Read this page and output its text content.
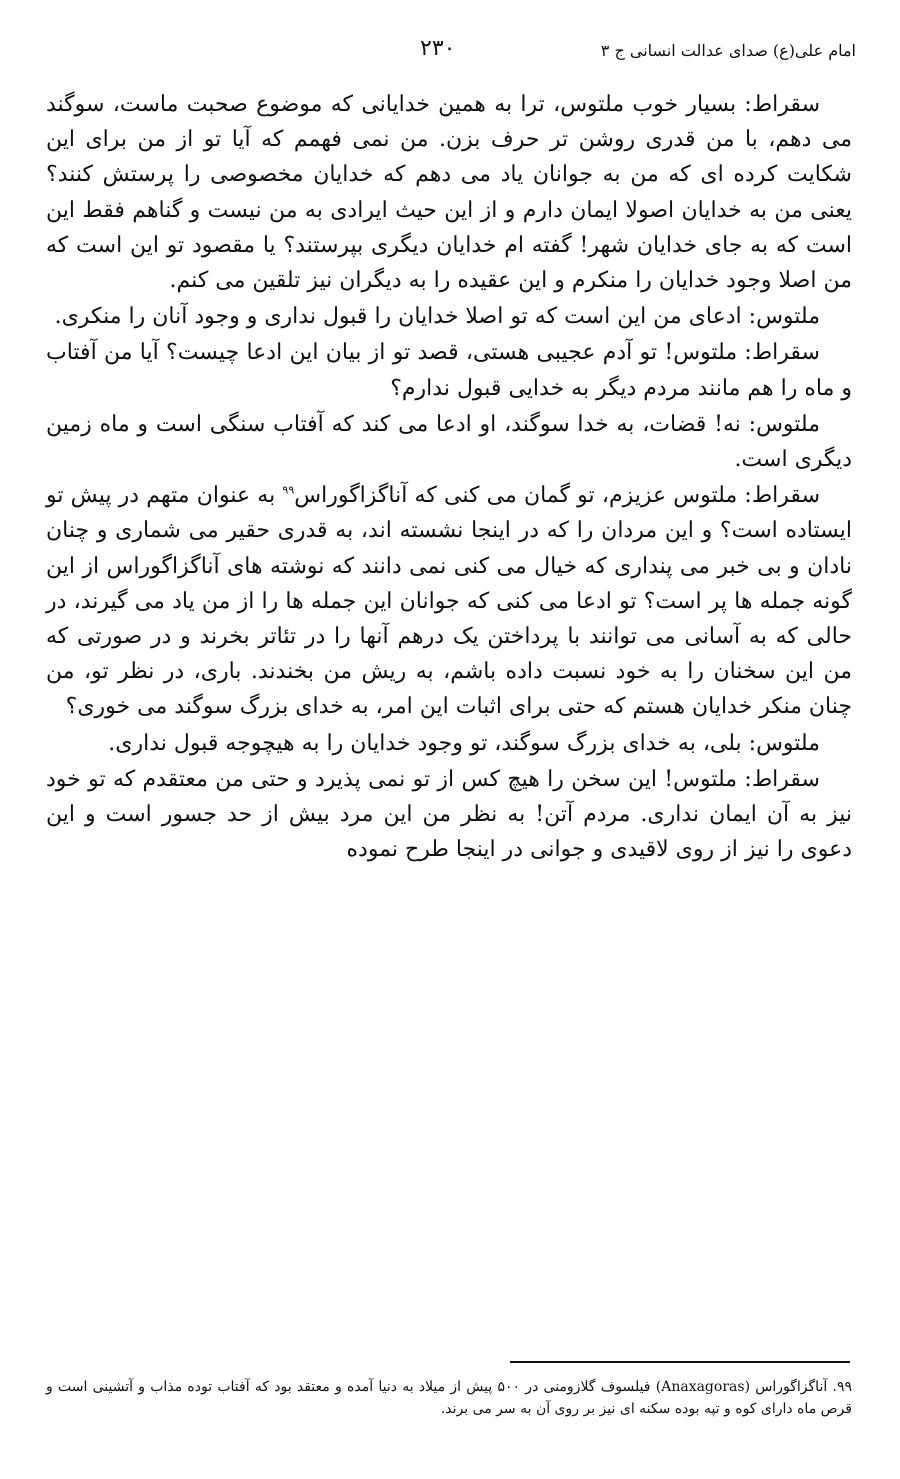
امام علی(ع) صدای عدالت انسانی ج ۳
۲۳۰

سقراط: بسیار خوب ملتوس، ترا به همین خدایانی که موضوع صحبت ماست، سوگند می دهم، با من قدری روشن تر حرف بزن. من نمی فهمم که آیا تو از من برای این شکایت کرده ای که من به جوانان یاد می دهم که خدایان مخصوصی را پرستش کنند؟ یعنی من به خدایان اصولا ایمان دارم و از این حیث ایرادی به من نیست و گناهم فقط این است که به جای خدایان شهر! گفته ام خدایان دیگری بپرستند؟ یا مقصود تو این است که من اصلا وجود خدایان را منکرم و این عقیده را به دیگران نیز تلقین می کنم.

ملتوس: ادعای من این است که تو اصلا خدایان را قبول نداری و وجود آنان را منکری.

سقراط: ملتوس! تو آدم عجیبی هستی، قصد تو از بیان این ادعا چیست؟ آیا من آفتاب و ماه را هم مانند مردم دیگر به خدایی قبول ندارم؟

ملتوس: نه! قضات، به خدا سوگند، او ادعا می کند که آفتاب سنگی است و ماه زمین دیگری است.

سقراط: ملتوس عزیزم، تو گمان می کنی که آناگزاگوراس$^{۹۹}$ به عنوان متهم در پیش تو ایستاده است؟ و این مردان را که در اینجا نشسته اند، به قدری حقیر می شماری و چنان نادان و بی خبر می پنداری که خیال می کنی نمی دانند که نوشته های آناگزاگوراس از این گونه جمله ها پر است؟ تو ادعا می کنی که جوانان این جمله ها را از من یاد می گیرند، در حالی که به آسانی می توانند با پرداختن یک درهم آنها را در تئاتر بخرند و در صورتی که من این سخنان را به خود نسبت داده باشم، به ریش من بخندند. باری، در نظر تو، من چنان منکر خدایان هستم که حتی برای اثبات این امر، به خدای بزرگ سوگند می خوری؟

ملتوس: بلی، به خدای بزرگ سوگند، تو وجود خدایان را به هیچوجه قبول نداری.

سقراط: ملتوس! این سخن را هیچ کس از تو نمی پذیرد و حتی من معتقدم که تو خود نیز به آن ایمان نداری. مردم آتن! به نظر من این مرد بیش از حد جسور است و این دعوی را نیز از روی لاقیدی و جوانی در اینجا طرح نموده

۹۹. آناگزاگوراس (Anaxagoras) فیلسوف گلازومنی در ۵۰۰ پیش از میلاد به دنیا آمده و معتقد بود که آفتاب توده مذاب و آتشینی است و قرص ماه دارای کوه و تپه بوده سکنه ای نیز بر روی آن به سر می برند.
